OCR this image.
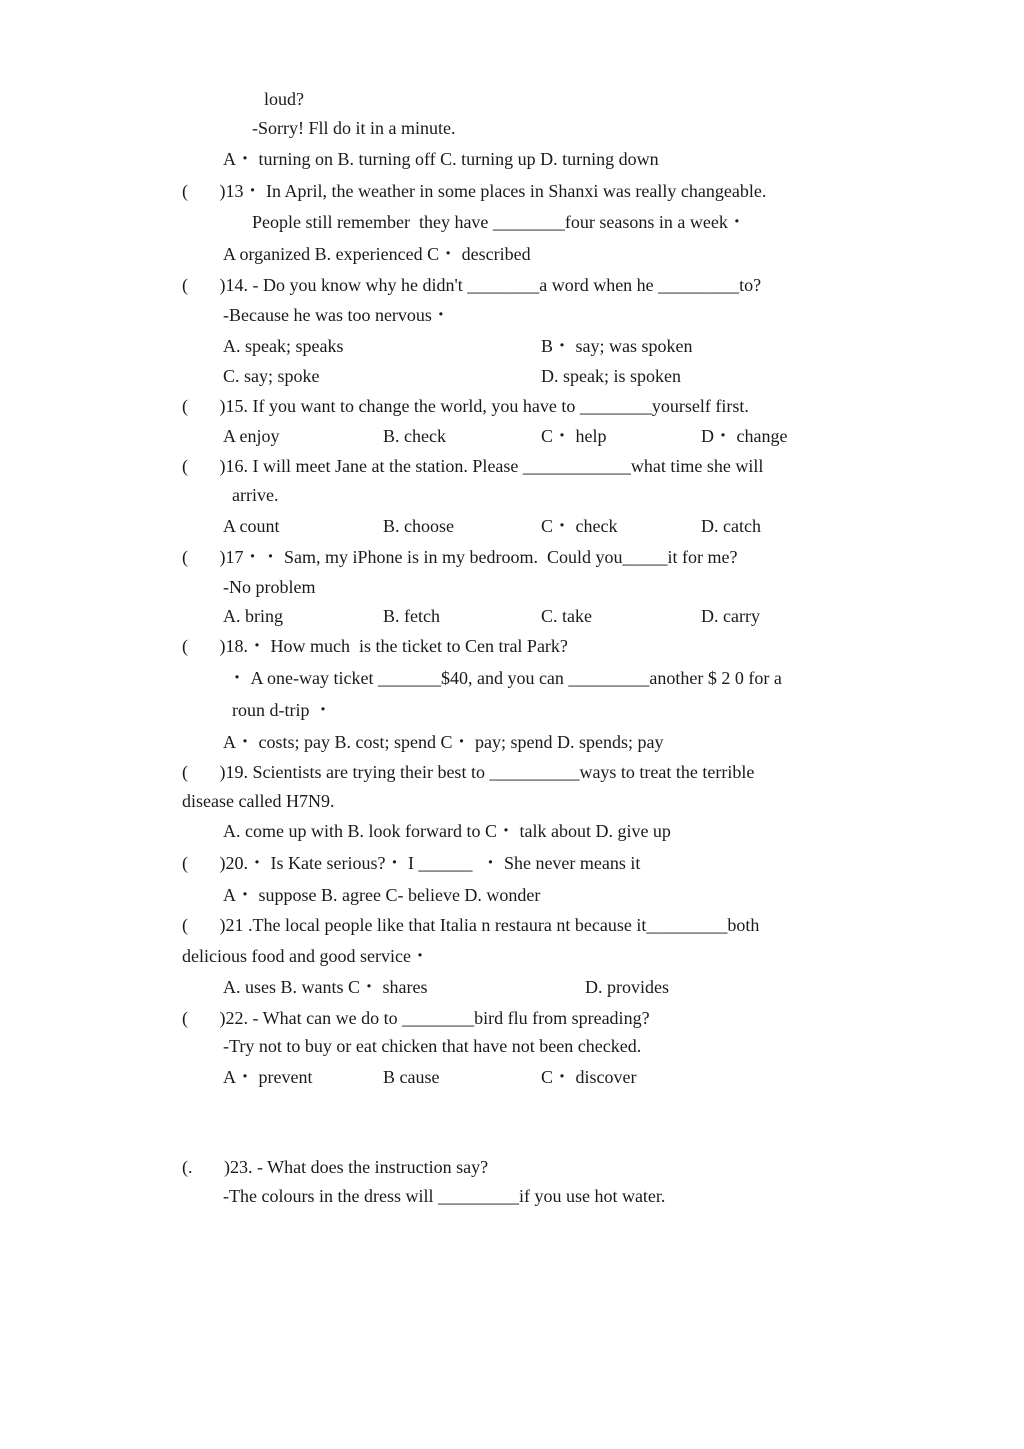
loud?
-Sorry! Fll do it in a minute.
A・ turning on B. turning off C. turning up D. turning down
(       )13・ In April, the weather in some places in Shanxi was really changeable.
People still remember  they have ________four seasons in a week・
A organized B. experienced C・ described
(       )14. - Do you know why he didn't ________a word when he _________to?
-Because he was too nervous・
A. speak; speaks	B・ say; was spoken
C. say; spoke	D. speak; is spoken
(       )15. If you want to change the world, you have to ________yourself first.
A enjoy	B. check	C・ help	D・ change
(       )16. I will meet Jane at the station. Please ____________what time she will
arrive.
A count	B. choose	C・ check	D. catch
(       )17・・ Sam, my iPhone is in my bedroom.  Could you_____it for me?
-No problem
A. bring	B. fetch	C. take	D. carry
(       )18.・ How much  is the ticket to Cen tral Park?
・ A one-way ticket _______$40, and you can _________another $ 2 0 for a
roun d-trip ・
A・ costs; pay B. cost; spend C・ pay; spend D. spends; pay
(       )19. Scientists are trying their best to __________ways to treat the terrible
disease called H7N9.
A. come up with B. look forward to C・ talk about D. give up
(       )20.・ Is Kate serious?・ I ______  ・ She never means it
A・ suppose B. agree C- believe D. wonder
(       )21 .The local people like that Italia n restaura nt because it_________both
delicious food and good service・
A. uses B. wants C・ shares	D. provides
(       )22. - What can we do to ________bird flu from spreading?
-Try not to buy or eat chicken that have not been checked.
A・ prevent	B cause	C・ discover
(.       )23. - What does the instruction say?
-The colours in the dress will _________if you use hot water.
